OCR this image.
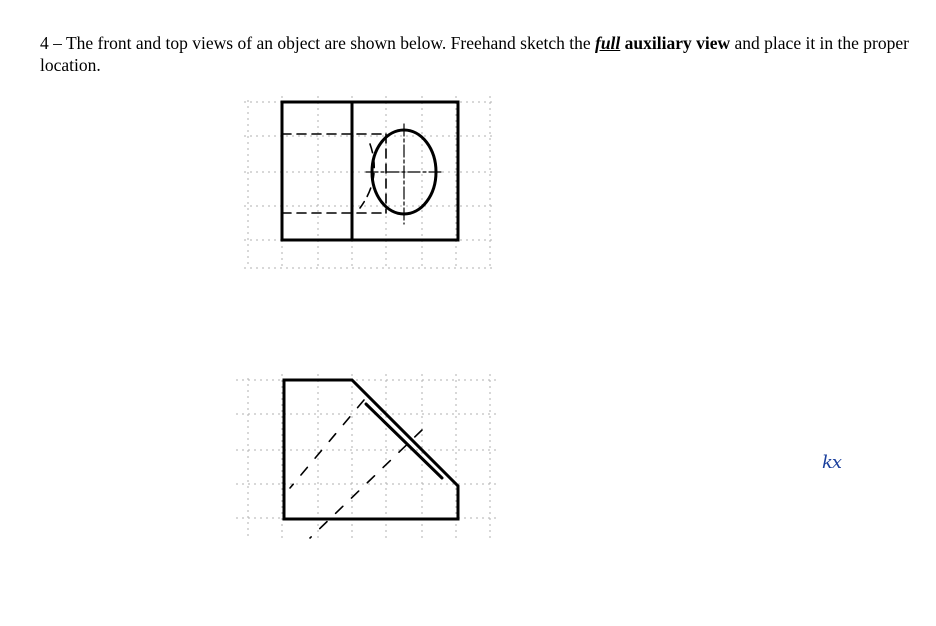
4 – The front and top views of an object are shown below. Freehand sketch the full auxiliary view and place it in the proper location.
kx
